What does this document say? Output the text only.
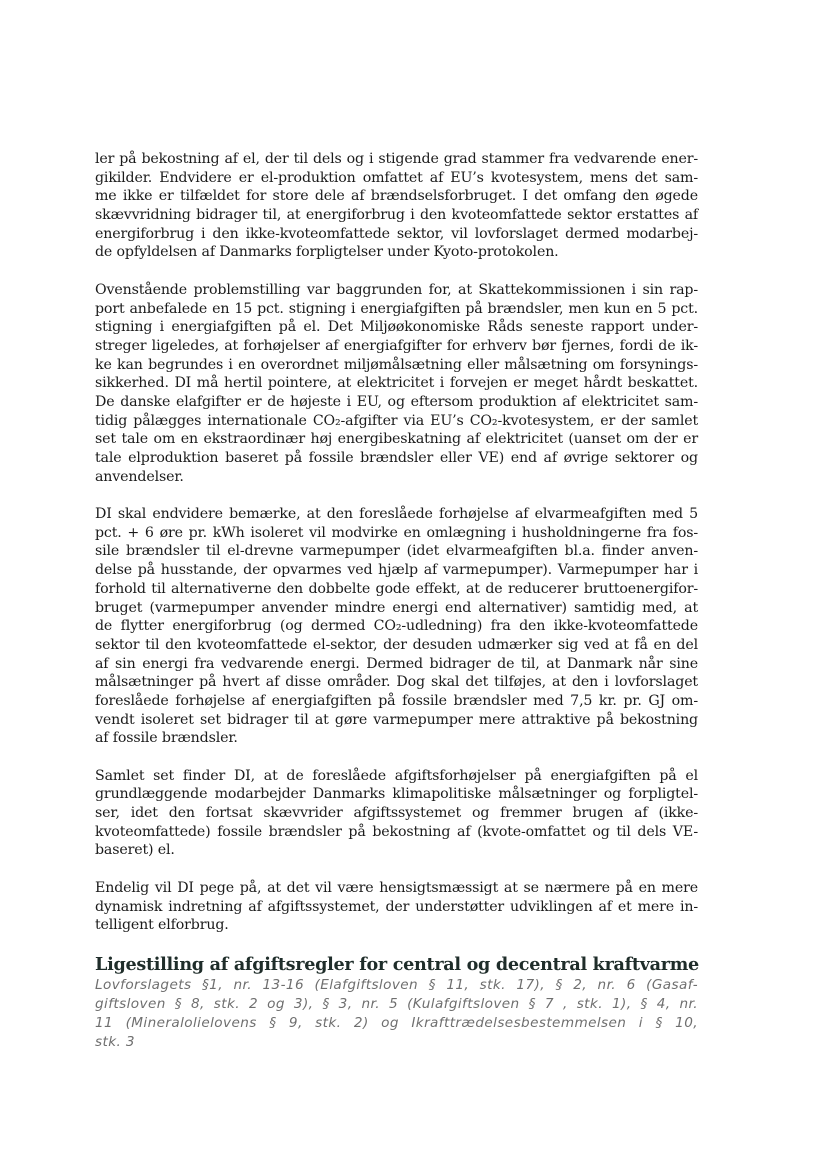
ler på bekostning af el, der til dels og i stigende grad stammer fra vedvarende ener-
gikilder. Endvidere er el-produktion omfattet af EU’s kvotesystem, mens det sam-
me ikke er tilfældet for store dele af brændselsforbruget. I det omfang den øgede
skævvridning bidrager til, at energiforbrug i den kvoteomfattede sektor erstattes af
energiforbrug i den ikke-kvoteomfattede sektor, vil lovforslaget dermed modarbej-
de opfyldelsen af Danmarks forpligtelser under Kyoto-protokolen.
Ovenstående problemstilling var baggrunden for, at Skattekommissionen i sin rap-
port anbefalede en 15 pct. stigning i energiafgiften på brændsler, men kun en 5 pct.
stigning i energiafgiften på el. Det Miljøøkonomiske Råds seneste rapport under-
streger ligeledes, at forhøjelser af energiafgifter for erhverv bør fjernes, fordi de ik-
ke kan begrundes i en overordnet miljømålsætning eller målsætning om forsynings-
sikkerhed. DI må hertil pointere, at elektricitet i forvejen er meget hårdt beskattet.
De danske elafgifter er de højeste i EU, og eftersom produktion af elektricitet sam-
tidig pålægges internationale CO₂-afgifter via EU’s CO₂-kvotesystem, er der samlet
set tale om en ekstraordinær høj energibeskatning af elektricitet (uanset om der er
tale elproduktion baseret på fossile brændsler eller VE) end af øvrige sektorer og
anvendelser.
DI skal endvidere bemærke, at den foreslåede forhøjelse af elvarmeafgiften med 5
pct. + 6 øre pr. kWh isoleret vil modvirke en omlægning i husholdningerne fra fos-
sile brændsler til el-drevne varmepumper (idet elvarmeafgiften bl.a. finder anven-
delse på husstande, der opvarmes ved hjælp af varmepumper). Varmepumper har i
forhold til alternativerne den dobbelte gode effekt, at de reducerer bruttoenergifor-
bruget (varmepumper anvender mindre energi end alternativer) samtidig med, at
de flytter energiforbrug (og dermed CO₂-udledning) fra den ikke-kvoteomfattede
sektor til den kvoteomfattede el-sektor, der desuden udmærker sig ved at få en del
af sin energi fra vedvarende energi. Dermed bidrager de til, at Danmark når sine
målsætninger på hvert af disse områder. Dog skal det tilføjes, at den i lovforslaget
foreslåede forhøjelse af energiafgiften på fossile brændsler med 7,5 kr. pr. GJ om-
vendt isoleret set bidrager til at gøre varmepumper mere attraktive på bekostning
af fossile brændsler.
Samlet set finder DI, at de foreslåede afgiftsforhøjelser på energiafgiften på el
grundlæggende modarbejder Danmarks klimapolitiske målsætninger og forpligtel-
ser, idet den fortsat skævvrider afgiftssystemet og fremmer brugen af (ikke-
kvoteomfattede) fossile brændsler på bekostning af (kvote-omfattet og til dels VE-
baseret) el.
Endelig vil DI pege på, at det vil være hensigtsmæssigt at se nærmere på en mere
dynamisk indretning af afgiftssystemet, der understøtter udviklingen af et mere in-
telligent elforbrug.
Ligestilling af afgiftsregler for central og decentral kraftvarme
Lovforslagets §1, nr. 13-16 (Elafgiftsloven § 11, stk. 17), § 2, nr. 6 (Gasaf-
giftsloven § 8, stk. 2 og 3), § 3, nr. 5 (Kulafgiftsloven § 7 , stk. 1), § 4, nr.
11 (Mineralolielovens § 9, stk. 2) og Ikrafttrædelsesbestemmelsen i § 10,
stk. 3
